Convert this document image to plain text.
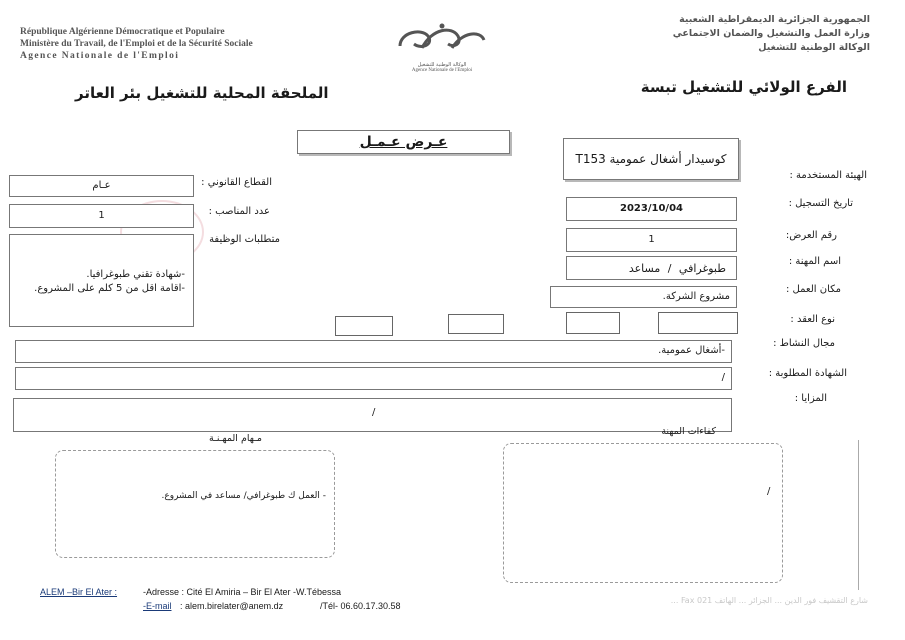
République Algérienne Démocratique et Populaire
Ministère du Travail, de l'Emploi et de la Sécurité Sociale
Agence Nationale de l'Emploi
الوكالة الوطنية للتشغيل
Agence Nationale de l'Emploi
الجمهورية الجزائرية الديمقراطية الشعبية
وزارة العمل والتشغيل والضمان الاجتماعي
الوكالة الوطنية للتشغيل
الفرع الولائي للتشغيل تبسة
الملحقة المحلية للتشغيل بئر العاتر
عـرض عـمـل
عـام	القطاع القانوني :
1	عدد المناصب :
متطلبات الوظيفة
-شهادة تقني طبوغرافيا.
-اقامة اقل من 5 كلم على المشروع.
كوسيدار أشغال عمومية T153
الهيئة المستخدمة :
2023/10/04	تاريخ التسجيل :
1	رقم العرض:
طبوغرافي / مساعد
اسم المهنة :
مشروع الشركة.
مكان العمل :
نوع العقد :
-أشغال عمومية.
مجال النشاط :
/	الشهادة المطلوبة :
/
المزايا :
مـهام المهـنـة
كفاءات المهنة
- العمل ك طبوغرافي/ مساعد في المشروع.	/
شارع التقشيف فور الدين ... الجزائر ... الهاتف Fax 021 ...
ALEM –Bir El Ater :	-Adresse : Cité El Amiria – Bir El Ater -W.Tébessa
-E-mail : alem.birelater@anem.dz	/Tél- 06.60.17.30.58
